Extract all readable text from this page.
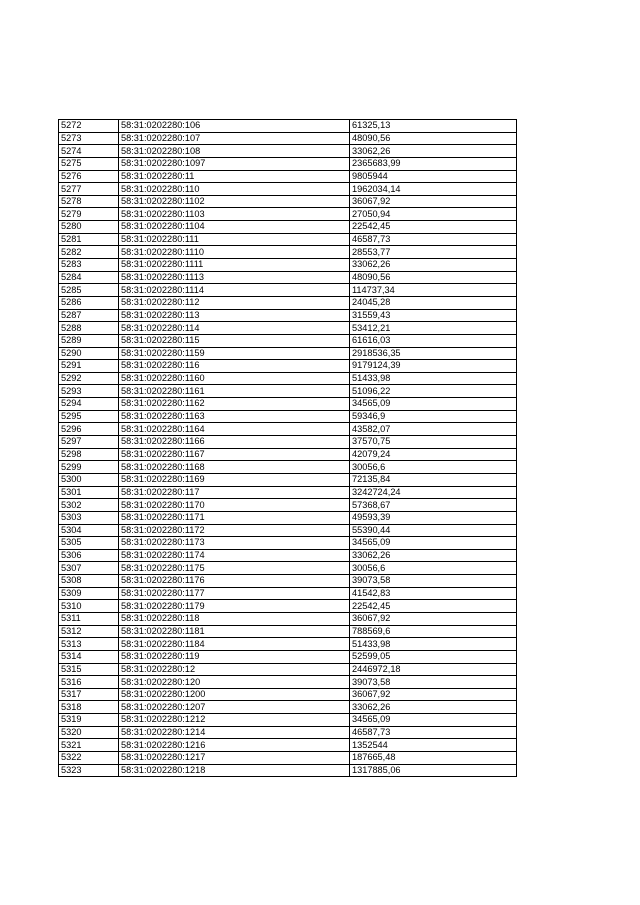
5272	58:31:0202280:106	61325,13
5273	58:31:0202280:107	48090,56
5274	58:31:0202280:108	33062,26
5275	58:31:0202280:1097	2365683,99
5276	58:31:0202280:11	9805944
5277	58:31:0202280:110	1962034,14
5278	58:31:0202280:1102	36067,92
5279	58:31:0202280:1103	27050,94
5280	58:31:0202280:1104	22542,45
5281	58:31:0202280:111	46587,73
5282	58:31:0202280:1110	28553,77
5283	58:31:0202280:1111	33062,26
5284	58:31:0202280:1113	48090,56
5285	58:31:0202280:1114	114737,34
5286	58:31:0202280:112	24045,28
5287	58:31:0202280:113	31559,43
5288	58:31:0202280:114	53412,21
5289	58:31:0202280:115	61616,03
5290	58:31:0202280:1159	2918536,35
5291	58:31:0202280:116	9179124,39
5292	58:31:0202280:1160	51433,98
5293	58:31:0202280:1161	51096,22
5294	58:31:0202280:1162	34565,09
5295	58:31:0202280:1163	59346,9
5296	58:31:0202280:1164	43582,07
5297	58:31:0202280:1166	37570,75
5298	58:31:0202280:1167	42079,24
5299	58:31:0202280:1168	30056,6
5300	58:31:0202280:1169	72135,84
5301	58:31:0202280:117	3242724,24
5302	58:31:0202280:1170	57368,67
5303	58:31:0202280:1171	49593,39
5304	58:31:0202280:1172	55390,44
5305	58:31:0202280:1173	34565,09
5306	58:31:0202280:1174	33062,26
5307	58:31:0202280:1175	30056,6
5308	58:31:0202280:1176	39073,58
5309	58:31:0202280:1177	41542,83
5310	58:31:0202280:1179	22542,45
5311	58:31:0202280:118	36067,92
5312	58:31:0202280:1181	788569,6
5313	58:31:0202280:1184	51433,98
5314	58:31:0202280:119	52599,05
5315	58:31:0202280:12	2446972,18
5316	58:31:0202280:120	39073,58
5317	58:31:0202280:1200	36067,92
5318	58:31:0202280:1207	33062,26
5319	58:31:0202280:1212	34565,09
5320	58:31:0202280:1214	46587,73
5321	58:31:0202280:1216	1352544
5322	58:31:0202280:1217	187665,48
5323	58:31:0202280:1218	1317885,06
